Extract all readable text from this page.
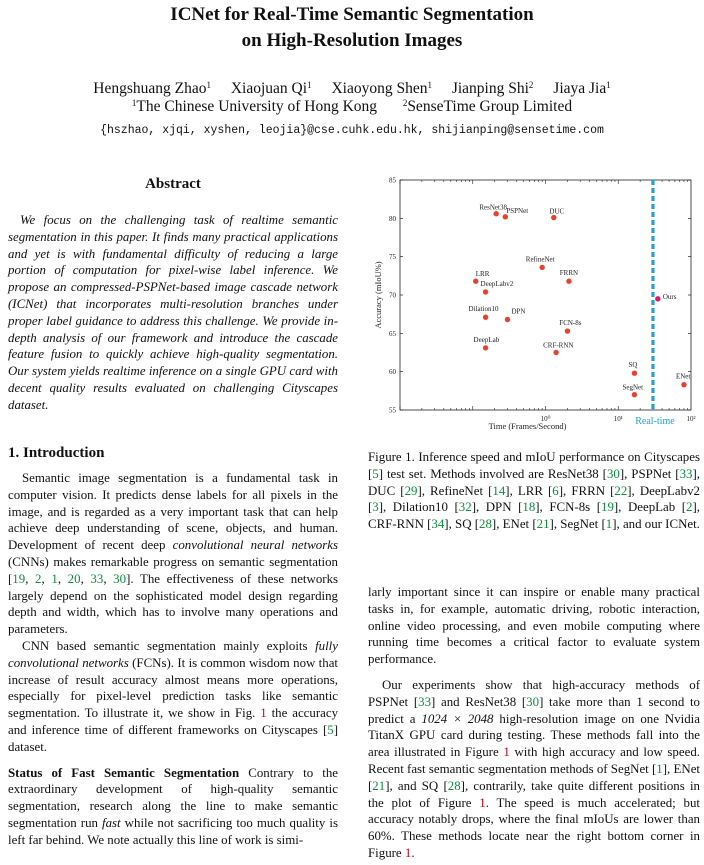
ICNet for Real-Time Semantic Segmentation
on High-Resolution Images
Hengshuang Zhao$^1$ Xiaojuan Qi$^1$ Xiaoyong Shen$^1$ Jianping Shi$^2$ Jiaya Jia$^1$
$^1$The Chinese University of Hong Kong	$^2$SenseTime Group Limited
{hszhao, xjqi, xyshen, leojia}@cse.cuhk.edu.hk, shijianping@sensetime.com
Abstract
We focus on the challenging task of realtime semantic segmentation in this paper. It finds many practical applications and yet is with fundamental difficulty of reducing a large portion of computation for pixel-wise label inference. We propose an compressed-PSPNet-based image cascade network (ICNet) that incorporates multi-resolution branches under proper label guidance to address this challenge. We provide in-depth analysis of our framework and introduce the cascade feature fusion to quickly achieve high-quality segmentation. Our system yields realtime inference on a single GPU card with decent quality results evaluated on challenging Cityscapes dataset.
1. Introduction

Semantic image segmentation is a fundamental task in computer vision. It predicts dense labels for all pixels in the image, and is regarded as a very important task that can help achieve deep understanding of scene, objects, and human. Development of recent deep convolutional neural networks (CNNs) makes remarkable progress on semantic segmentation [19, 2, 1, 20, 33, 30]. The effectiveness of these networks largely depend on the sophisticated model design regarding depth and width, which has to involve many operations and parameters.

CNN based semantic segmentation mainly exploits fully convolutional networks (FCNs). It is common wisdom now that increase of result accuracy almost means more operations, especially for pixel-level prediction tasks like semantic segmentation. To illustrate it, we show in Fig. 1 the accuracy and inference time of different frameworks on Cityscapes [5] dataset.

Status of Fast Semantic Segmentation Contrary to the extraordinary development of high-quality semantic segmentation, research along the line to make semantic segmentation run fast while not sacrificing too much quality is left far behind. We note actually this line of work is simi-

55
60
65
70
75
80
85
10⁰	10¹	10²
Real-time
Time (Frames/Second)
Accuracy (mIoU%)
ResNet38 PSPNet	DUC
RefineNet
LRR	FRRN
DeepLabv2
Dilation10 DPN
FCN-8s
CRF-RNN
DeepLab
Ours
SQ
SegNet
ENet
Figure 1. Inference speed and mIoU performance on Cityscapes [5] test set. Methods involved are ResNet38 [30], PSPNet [33], DUC [29], RefineNet [14], LRR [6], FRRN [22], DeepLabv2 [3], Dilation10 [32], DPN [18], FCN-8s [19], DeepLab [2], CRF-RNN [34], SQ [28], ENet [21], SegNet [1], and our ICNet.

larly important since it can inspire or enable many practical tasks in, for example, automatic driving, robotic interaction, online video processing, and even mobile computing where running time becomes a critical factor to evaluate system performance.

Our experiments show that high-accuracy methods of PSPNet [33] and ResNet38 [30] take more than 1 second to predict a 1024 × 2048 high-resolution image on one Nvidia TitanX GPU card during testing. These methods fall into the area illustrated in Figure 1 with high accuracy and low speed. Recent fast semantic segmentation methods of SegNet [1], ENet [21], and SQ [28], contrarily, take quite different positions in the plot of Figure 1. The speed is much accelerated; but accuracy notably drops, where the final mIoUs are lower than 60%. These methods locate near the right bottom corner in Figure 1.
